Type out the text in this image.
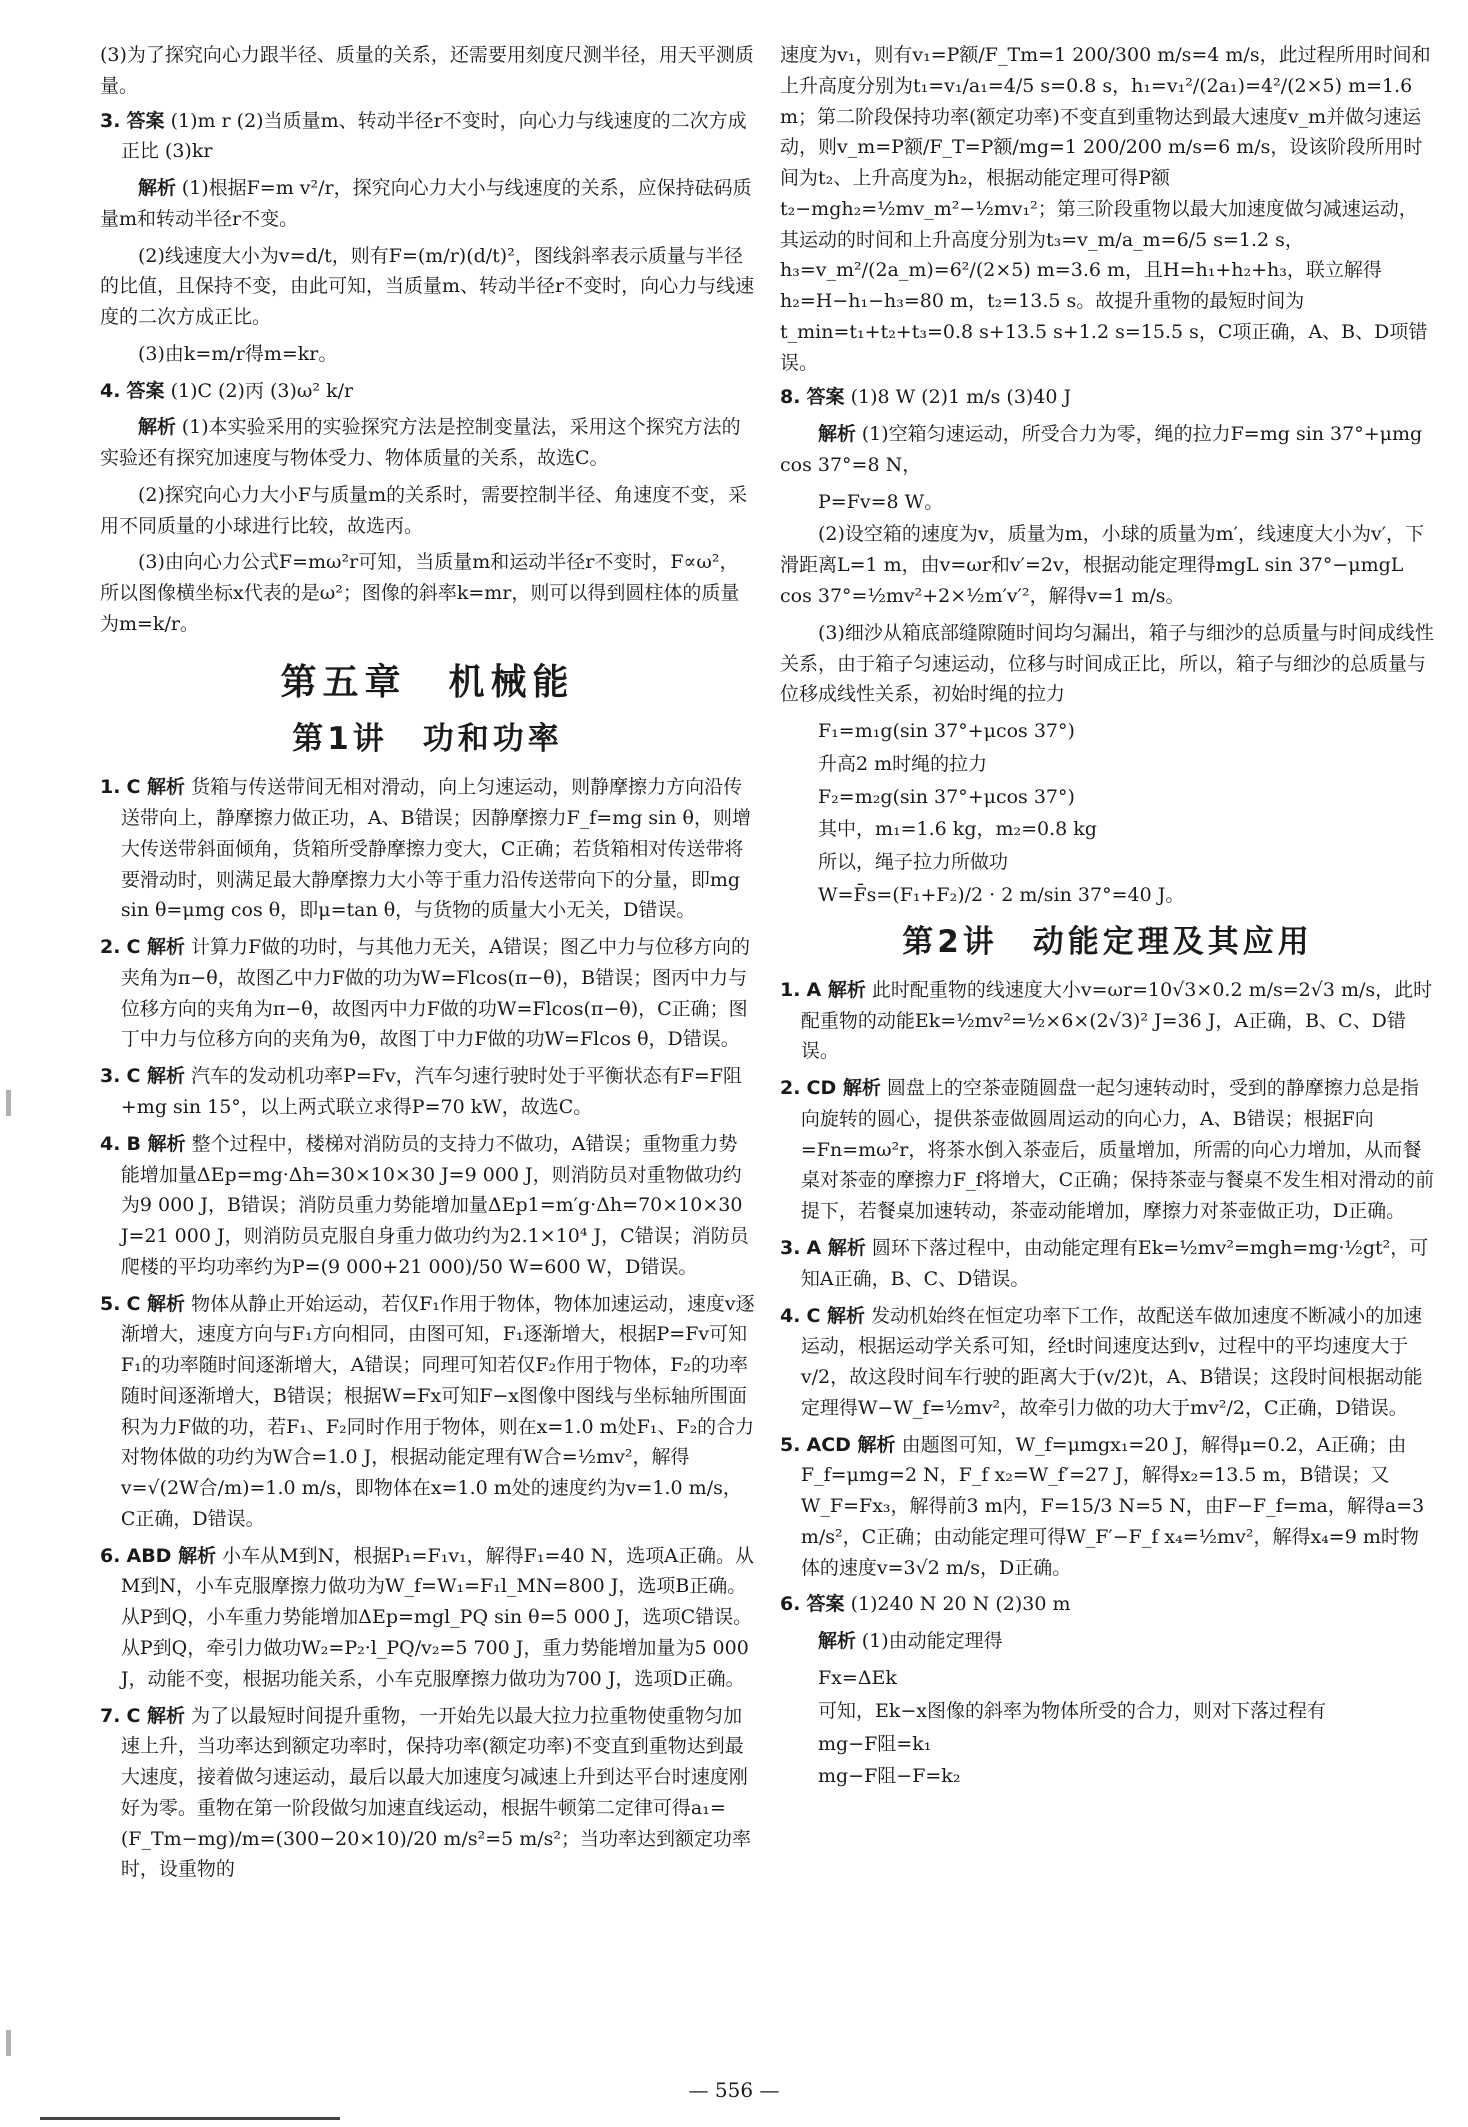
(3)为了探究向心力跟半径、质量的关系，还需要用刻度尺测半径，用天平测质量。

3. 答案 (1)m r (2)当质量m、转动半径r不变时，向心力与线速度的二次方成正比 (3)kr

解析 (1)根据F=m v²/r，探究向心力大小与线速度的关系，应保持砝码质量m和转动半径r不变。

(2)线速度大小为v=d/t，则有F=(m/r)(d/t)²，图线斜率表示质量与半径的比值，且保持不变，由此可知，当质量m、转动半径r不变时，向心力与线速度的二次方成正比。

(3)由k=m/r得m=kr。

4. 答案 (1)C (2)丙 (3)ω² k/r

解析 (1)本实验采用的实验探究方法是控制变量法，采用这个探究方法的实验还有探究加速度与物体受力、物体质量的关系，故选C。

(2)探究向心力大小F与质量m的关系时，需要控制半径、角速度不变，采用不同质量的小球进行比较，故选丙。

(3)由向心力公式F=mω²r可知，当质量m和运动半径r不变时，F∝ω²，所以图像横坐标x代表的是ω²；图像的斜率k=mr，则可以得到圆柱体的质量为m=k/r。

第五章　机械能
第1讲　功和功率

1. C 解析 货箱与传送带间无相对滑动，向上匀速运动，则静摩擦力方向沿传送带向上，静摩擦力做正功，A、B错误；因静摩擦力F_f=mg sin θ，则增大传送带斜面倾角，货箱所受静摩擦力变大，C正确；若货箱相对传送带将要滑动时，则满足最大静摩擦力大小等于重力沿传送带向下的分量，即mg sin θ=μmg cos θ，即μ=tan θ，与货物的质量大小无关，D错误。

2. C 解析 计算力F做的功时，与其他力无关，A错误；图乙中力与位移方向的夹角为π−θ，故图乙中力F做的功为W=Flcos(π−θ)，B错误；图丙中力与位移方向的夹角为π−θ，故图丙中力F做的功W=Flcos(π−θ)，C正确；图丁中力与位移方向的夹角为θ，故图丁中力F做的功W=Flcos θ，D错误。

3. C 解析 汽车的发动机功率P=Fv，汽车匀速行驶时处于平衡状态有F=F阻+mg sin 15°，以上两式联立求得P=70 kW，故选C。

4. B 解析 整个过程中，楼梯对消防员的支持力不做功，A错误；重物重力势能增加量ΔEp=mg·Δh=30×10×30 J=9 000 J，则消防员对重物做功约为9 000 J，B错误；消防员重力势能增加量ΔEp1=m′g·Δh=70×10×30 J=21 000 J，则消防员克服自身重力做功约为2.1×10⁴ J，C错误；消防员爬楼的平均功率约为P=(9 000+21 000)/50 W=600 W，D错误。

5. C 解析 物体从静止开始运动，若仅F₁作用于物体，物体加速运动，速度v逐渐增大，速度方向与F₁方向相同，由图可知，F₁逐渐增大，根据P=Fv可知F₁的功率随时间逐渐增大，A错误；同理可知若仅F₂作用于物体，F₂的功率随时间逐渐增大，B错误；根据W=Fx可知F−x图像中图线与坐标轴所围面积为力F做的功，若F₁、F₂同时作用于物体，则在x=1.0 m处F₁、F₂的合力对物体做的功约为W合=1.0 J，根据动能定理有W合=½mv²，解得v=√(2W合/m)=1.0 m/s，即物体在x=1.0 m处的速度约为v=1.0 m/s，C正确，D错误。

6. ABD 解析 小车从M到N，根据P₁=F₁v₁，解得F₁=40 N，选项A正确。从M到N，小车克服摩擦力做功为W_f=W₁=F₁l_MN=800 J，选项B正确。从P到Q，小车重力势能增加ΔEp=mgl_PQ sin θ=5 000 J，选项C错误。从P到Q，牵引力做功W₂=P₂·l_PQ/v₂=5 700 J，重力势能增加量为5 000 J，动能不变，根据功能关系，小车克服摩擦力做功为700 J，选项D正确。

7. C 解析 为了以最短时间提升重物，一开始先以最大拉力拉重物使重物匀加速上升，当功率达到额定功率时，保持功率(额定功率)不变直到重物达到最大速度，接着做匀速运动，最后以最大加速度匀减速上升到达平台时速度刚好为零。重物在第一阶段做匀加速直线运动，根据牛顿第二定律可得a₁=(F_Tm−mg)/m=(300−20×10)/20 m/s²=5 m/s²；当功率达到额定功率时，设重物的

速度为v₁，则有v₁=P额/F_Tm=1 200/300 m/s=4 m/s，此过程所用时间和上升高度分别为t₁=v₁/a₁=4/5 s=0.8 s，h₁=v₁²/(2a₁)=4²/(2×5) m=1.6 m；第二阶段保持功率(额定功率)不变直到重物达到最大速度v_m并做匀速运动，则v_m=P额/F_T=P额/mg=1 200/200 m/s=6 m/s，设该阶段所用时间为t₂、上升高度为h₂，根据动能定理可得P额t₂−mgh₂=½mv_m²−½mv₁²；第三阶段重物以最大加速度做匀减速运动，其运动的时间和上升高度分别为t₃=v_m/a_m=6/5 s=1.2 s，h₃=v_m²/(2a_m)=6²/(2×5) m=3.6 m，且H=h₁+h₂+h₃，联立解得h₂=H−h₁−h₃=80 m，t₂=13.5 s。故提升重物的最短时间为t_min=t₁+t₂+t₃=0.8 s+13.5 s+1.2 s=15.5 s，C项正确，A、B、D项错误。

8. 答案 (1)8 W (2)1 m/s (3)40 J

解析 (1)空箱匀速运动，所受合力为零，绳的拉力F=mg sin 37°+μmg cos 37°=8 N，

P=Fv=8 W。

(2)设空箱的速度为v，质量为m，小球的质量为m′，线速度大小为v′，下滑距离L=1 m，由v=ωr和v′=2v，根据动能定理得mgL sin 37°−μmgL cos 37°=½mv²+2×½m′v′²，解得v=1 m/s。

(3)细沙从箱底部缝隙随时间均匀漏出，箱子与细沙的总质量与时间成线性关系，由于箱子匀速运动，位移与时间成正比，所以，箱子与细沙的总质量与位移成线性关系，初始时绳的拉力

F₁=m₁g(sin 37°+μcos 37°)

升高2 m时绳的拉力

F₂=m₂g(sin 37°+μcos 37°)

其中，m₁=1.6 kg，m₂=0.8 kg

所以，绳子拉力所做功

W=F̄s=(F₁+F₂)/2 · 2 m/sin 37°=40 J。

第2讲　动能定理及其应用

1. A 解析 此时配重物的线速度大小v=ωr=10√3×0.2 m/s=2√3 m/s，此时配重物的动能Ek=½mv²=½×6×(2√3)² J=36 J，A正确，B、C、D错误。

2. CD 解析 圆盘上的空茶壶随圆盘一起匀速转动时，受到的静摩擦力总是指向旋转的圆心，提供茶壶做圆周运动的向心力，A、B错误；根据F向=Fn=mω²r，将茶水倒入茶壶后，质量增加，所需的向心力增加，从而餐桌对茶壶的摩擦力F_f将增大，C正确；保持茶壶与餐桌不发生相对滑动的前提下，若餐桌加速转动，茶壶动能增加，摩擦力对茶壶做正功，D正确。

3. A 解析 圆环下落过程中，由动能定理有Ek=½mv²=mgh=mg·½gt²，可知A正确，B、C、D错误。

4. C 解析 发动机始终在恒定功率下工作，故配送车做加速度不断减小的加速运动，根据运动学关系可知，经t时间速度达到v，过程中的平均速度大于v/2，故这段时间车行驶的距离大于(v/2)t，A、B错误；这段时间根据动能定理得W−W_f=½mv²，故牵引力做的功大于mv²/2，C正确，D错误。

5. ACD 解析 由题图可知，W_f=μmgx₁=20 J，解得μ=0.2，A正确；由F_f=μmg=2 N，F_f x₂=W_f′=27 J，解得x₂=13.5 m，B错误；又W_F=Fx₃，解得前3 m内，F=15/3 N=5 N，由F−F_f=ma，解得a=3 m/s²，C正确；由动能定理可得W_F′−F_f x₄=½mv²，解得x₄=9 m时物体的速度v=3√2 m/s，D正确。

6. 答案 (1)240 N 20 N (2)30 m

解析 (1)由动能定理得

Fx=ΔEk

可知，Ek−x图像的斜率为物体所受的合力，则对下落过程有

mg−F阻=k₁

mg−F阻−F=k₂

— 556 —
